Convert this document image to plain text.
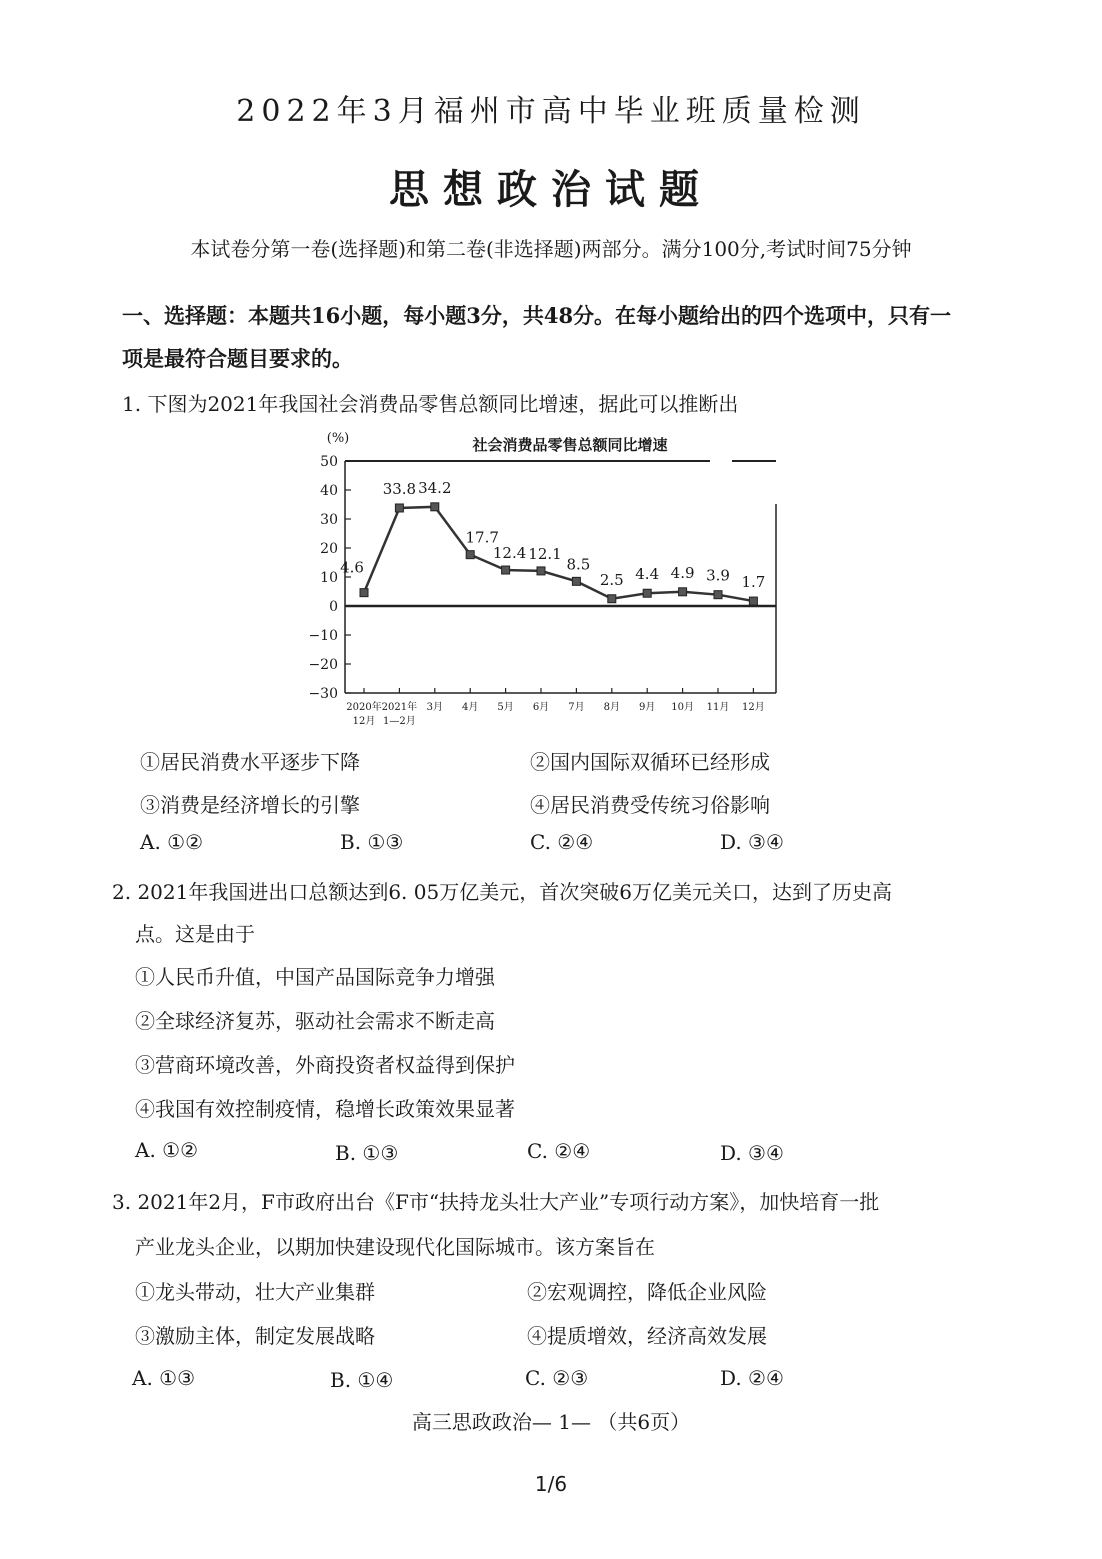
2022年3月福州市高中毕业班质量检测
思想政治试题
本试卷分第一卷(选择题)和第二卷(非选择题)两部分。满分100分,考试时间75分钟
一、选择题：本题共16小题，每小题3分，共48分。在每小题给出的四个选项中，只有一
项是最符合题目要求的。
1. 下图为2021年我国社会消费品零售总额同比增速，据此可以推断出
社会消费品零售总额同比增速
(%)
50
40
30
20
10
0
−10
−20
−30
2020年 2021年 3月 4月 5月 6月 7月 8月 9月 10月 11月 12月
12月 1—2月
4.6
33.8 34.2
17.7
12.4 12.1
8.5
2.5 4.4 4.9 3.9 1.7
①居民消费水平逐步下降	②国内国际双循环已经形成
③消费是经济增长的引擎	④居民消费受传统习俗影响
A. ①②	B. ①③	C. ②④	D. ③④
2. 2021年我国进出口总额达到6. 05万亿美元，首次突破6万亿美元关口，达到了历史高
点。这是由于
①人民币升值，中国产品国际竞争力增强
②全球经济复苏，驱动社会需求不断走高
③营商环境改善，外商投资者权益得到保护
④我国有效控制疫情，稳增长政策效果显著
A. ①②	B. ①③	C. ②④	D. ③④
3. 2021年2月，F市政府出台《F市“扶持龙头壮大产业”专项行动方案》，加快培育一批
产业龙头企业，以期加快建设现代化国际城市。该方案旨在
①龙头带动，壮大产业集群	②宏观调控，降低企业风险
③激励主体，制定发展战略	④提质增效，经济高效发展
A. ①③	B. ①④	C. ②③	D. ②④
高三思政政治— 1— （共6页）
1/6
